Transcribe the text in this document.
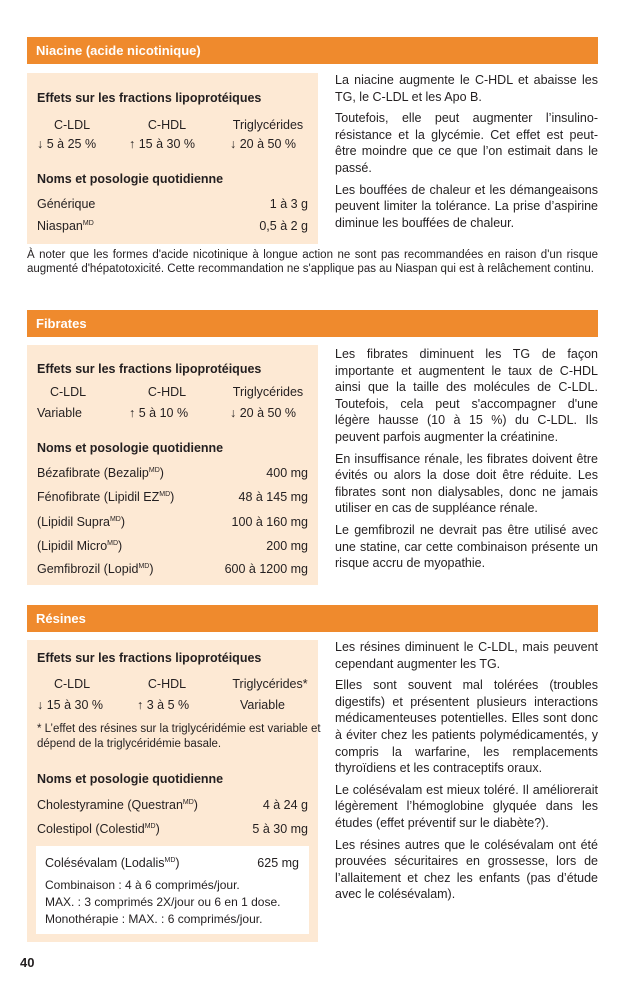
Niacine (acide nicotinique)
Effets sur les fractions lipoprotéiques
C-LDL	C-HDL	Triglycérides
↓ 5 à 25 %	↑ 15 à 30 %	↓ 20 à 50 %
Noms et posologie quotidienne
Générique	1 à 3 g
Niaspan$^{MD}$	0,5 à 2 g

La niacine augmente le C-HDL et abaisse les TG, le C-LDL et les Apo B.

Toutefois, elle peut augmenter l’insulino-résistance et la glycémie. Cet effet est peut-être moindre que ce que l’on estimait dans le passé.

Les bouffées de chaleur et les démangeaisons peuvent limiter la tolérance. La prise d’aspirine diminue les bouffées de chaleur.

À noter que les formes d'acide nicotinique à longue action ne sont pas recommandées en raison d'un risque augmenté d'hépatotoxicité. Cette recommandation ne s'applique pas au Niaspan qui est à relâchement continu.
Fibrates
Effets sur les fractions lipoprotéiques
C-LDL	C-HDL	Triglycérides
Variable	↑ 5 à 10 %	↓ 20 à 50 %
Noms et posologie quotidienne
Bézafibrate (Bezalip$^{MD}$)	400 mg
Fénofibrate (Lipidil $EZ^{MD}$)	48 à 145 mg
(Lipidil Supra$^{MD}$)	100 à 160 mg
(Lipidil Micro$^{MD}$)	200 mg
Gemfibrozil (Lopid$^{MD}$)	600 à 1200 mg

Les fibrates diminuent les TG de façon importante et augmentent le taux de C-HDL ainsi que la taille des molécules de C-LDL. Toutefois, cela peut s'accompagner d'une légère hausse (10 à 15 %) du C-LDL. Ils peuvent parfois augmenter la créatinine.

En insuffisance rénale, les fibrates doivent être évités ou alors la dose doit être réduite. Les fibrates sont non dialysables, donc ne jamais utiliser en cas de suppléance rénale.

Le gemfibrozil ne devrait pas être utilisé avec une statine, car cette combinaison présente un risque accru de myopathie.

Résines
Effets sur les fractions lipoprotéiques
C-LDL	C-HDL	Triglycérides*
↓ 15 à 30 %	↑ 3 à 5 %	Variable
* L’effet des résines sur la triglycéridémie est variable et dépend de la triglycéridémie basale.
Noms et posologie quotidienne
Cholestyramine (Questran$^{MD}$)	4 à 24 g
Colestipol (Colestid$^{MD}$)	5 à 30 mg
Colésévalam (Lodalis$^{MD}$)	625 mg
Combinaison : 4 à 6 comprimés/jour.
MAX. : 3 comprimés 2X/jour ou 6 en 1 dose.
Monothérapie : MAX. : 6 comprimés/jour.

Les résines diminuent le C-LDL, mais peuvent cependant augmenter les TG.

Elles sont souvent mal tolérées (troubles digestifs) et présentent plusieurs interactions médicamenteuses potentielles. Elles sont donc à éviter chez les patients polymédicamentés, y compris la warfarine, les remplacements thyroïdiens et les contraceptifs oraux.

Le colésévalam est mieux toléré. Il améliorerait légèrement l’hémoglobine glyquée dans les études (effet préventif sur le diabète?).

Les résines autres que le colésévalam ont été prouvées sécuritaires en grossesse, lors de l’allaitement et chez les enfants (pas d’étude avec le colésévalam).

40
